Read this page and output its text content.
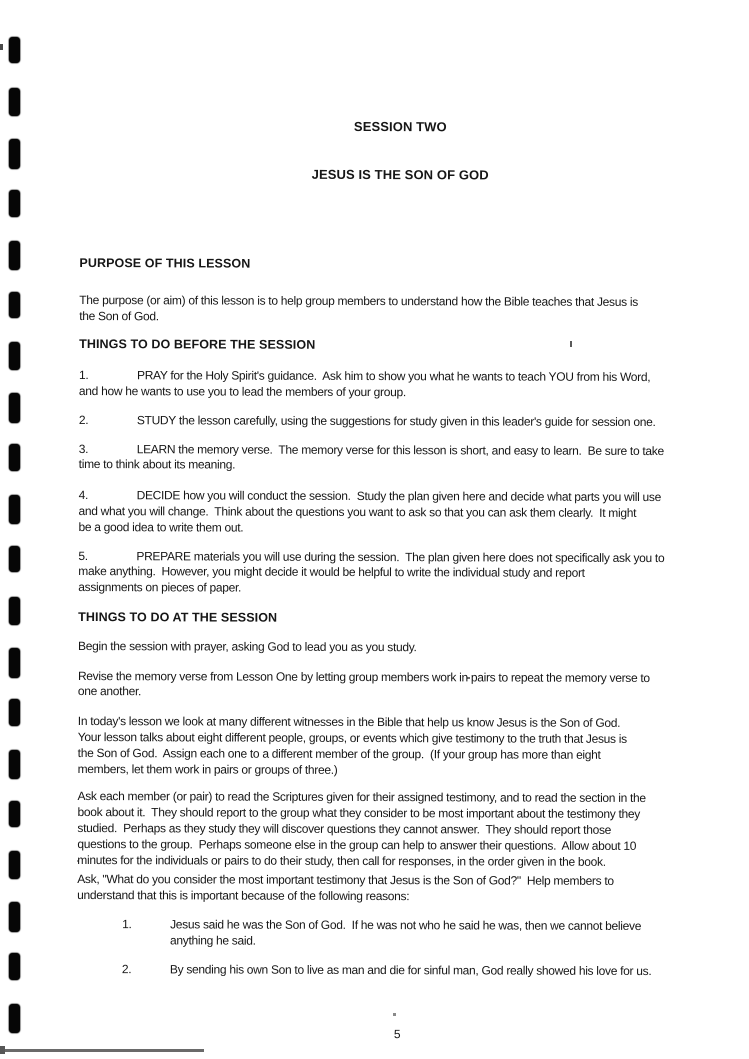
SESSION TWO

JESUS IS THE SON OF GOD

PURPOSE OF THIS LESSON
The purpose (or aim) of this lesson is to help group members to understand how the Bible teaches that Jesus is
the Son of God.
THINGS TO DO BEFORE THE SESSION
1.	PRAY for the Holy Spirit's guidance.  Ask him to show you what he wants to teach YOU from his Word,
and how he wants to use you to lead the members of your group.
2.	STUDY the lesson carefully, using the suggestions for study given in this leader's guide for session one.
3.	LEARN the memory verse.  The memory verse for this lesson is short, and easy to learn.  Be sure to take
time to think about its meaning.
4.	DECIDE how you will conduct the session.  Study the plan given here and decide what parts you will use
and what you will change.  Think about the questions you want to ask so that you can ask them clearly.  It might
be a good idea to write them out.
5.	PREPARE materials you will use during the session.  The plan given here does not specifically ask you to
make anything.  However, you might decide it would be helpful to write the individual study and report
assignments on pieces of paper.
THINGS TO DO AT THE SESSION
Begin the session with prayer, asking God to lead you as you study.
Revise the memory verse from Lesson One by letting group members work in pairs to repeat the memory verse to
one another.
In today's lesson we look at many different witnesses in the Bible that help us know Jesus is the Son of God.
Your lesson talks about eight different people, groups, or events which give testimony to the truth that Jesus is
the Son of God.  Assign each one to a different member of the group.  (If your group has more than eight
members, let them work in pairs or groups of three.)
Ask each member (or pair) to read the Scriptures given for their assigned testimony, and to read the section in the
book about it.  They should report to the group what they consider to be most important about the testimony they
studied.  Perhaps as they study they will discover questions they cannot answer.  They should report those
questions to the group.  Perhaps someone else in the group can help to answer their questions.  Allow about 10
minutes for the individuals or pairs to do their study, then call for responses, in the order given in the book.
Ask, "What do you consider the most important testimony that Jesus is the Son of God?"  Help members to
understand that this is important because of the following reasons:
1.	Jesus said he was the Son of God.  If he was not who he said he was, then we cannot believe
	anything he said.
2.	By sending his own Son to live as man and die for sinful man, God really showed his love for us.
5
